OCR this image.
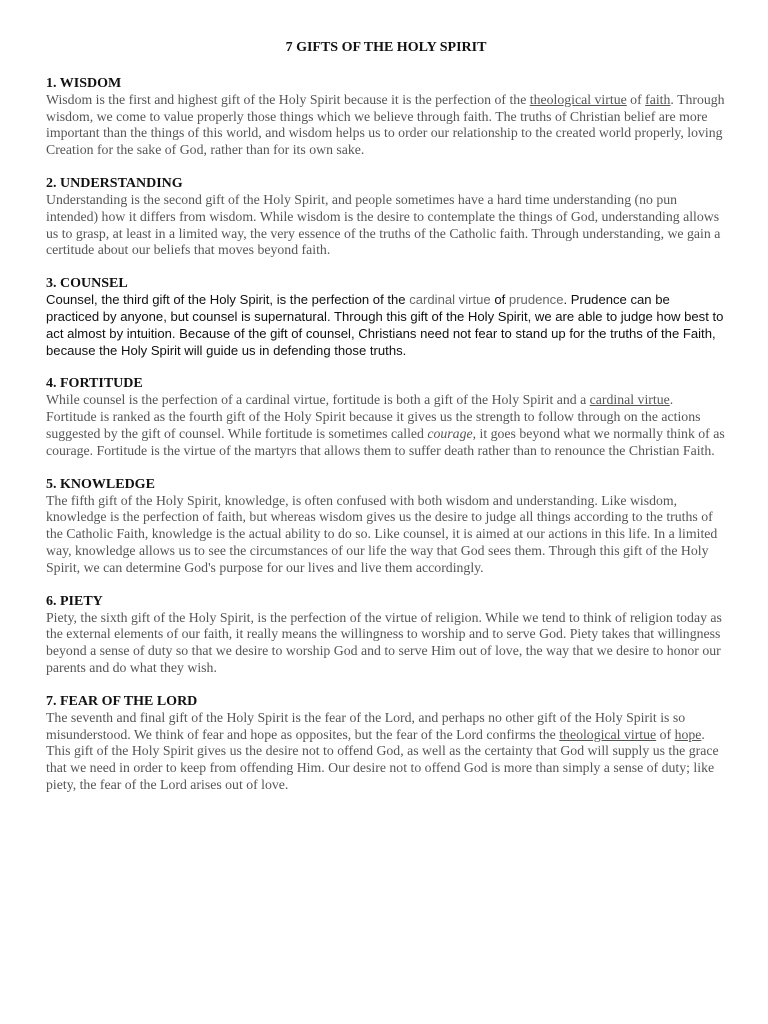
7 GIFTS OF THE HOLY SPIRIT
1. WISDOM

Wisdom is the first and highest gift of the Holy Spirit because it is the perfection of the theological virtue of faith. Through wisdom, we come to value properly those things which we believe through faith. The truths of Christian belief are more important than the things of this world, and wisdom helps us to order our relationship to the created world properly, loving Creation for the sake of God, rather than for its own sake.

2. UNDERSTANDING

Understanding is the second gift of the Holy Spirit, and people sometimes have a hard time understanding (no pun intended) how it differs from wisdom. While wisdom is the desire to contemplate the things of God, understanding allows us to grasp, at least in a limited way, the very essence of the truths of the Catholic faith. Through understanding, we gain a certitude about our beliefs that moves beyond faith.

3. COUNSEL

Counsel, the third gift of the Holy Spirit, is the perfection of the cardinal virtue of prudence. Prudence can be practiced by anyone, but counsel is supernatural. Through this gift of the Holy Spirit, we are able to judge how best to act almost by intuition. Because of the gift of counsel, Christians need not fear to stand up for the truths of the Faith, because the Holy Spirit will guide us in defending those truths.

4. FORTITUDE

While counsel is the perfection of a cardinal virtue, fortitude is both a gift of the Holy Spirit and a cardinal virtue. Fortitude is ranked as the fourth gift of the Holy Spirit because it gives us the strength to follow through on the actions suggested by the gift of counsel. While fortitude is sometimes called courage, it goes beyond what we normally think of as courage. Fortitude is the virtue of the martyrs that allows them to suffer death rather than to renounce the Christian Faith.

5. KNOWLEDGE

The fifth gift of the Holy Spirit, knowledge, is often confused with both wisdom and understanding. Like wisdom, knowledge is the perfection of faith, but whereas wisdom gives us the desire to judge all things according to the truths of the Catholic Faith, knowledge is the actual ability to do so. Like counsel, it is aimed at our actions in this life. In a limited way, knowledge allows us to see the circumstances of our life the way that God sees them. Through this gift of the Holy Spirit, we can determine God's purpose for our lives and live them accordingly.

6. PIETY

Piety, the sixth gift of the Holy Spirit, is the perfection of the virtue of religion. While we tend to think of religion today as the external elements of our faith, it really means the willingness to worship and to serve God. Piety takes that willingness beyond a sense of duty so that we desire to worship God and to serve Him out of love, the way that we desire to honor our parents and do what they wish.

7. FEAR OF THE LORD

The seventh and final gift of the Holy Spirit is the fear of the Lord, and perhaps no other gift of the Holy Spirit is so misunderstood. We think of fear and hope as opposites, but the fear of the Lord confirms the theological virtue of hope. This gift of the Holy Spirit gives us the desire not to offend God, as well as the certainty that God will supply us the grace that we need in order to keep from offending Him. Our desire not to offend God is more than simply a sense of duty; like piety, the fear of the Lord arises out of love.
